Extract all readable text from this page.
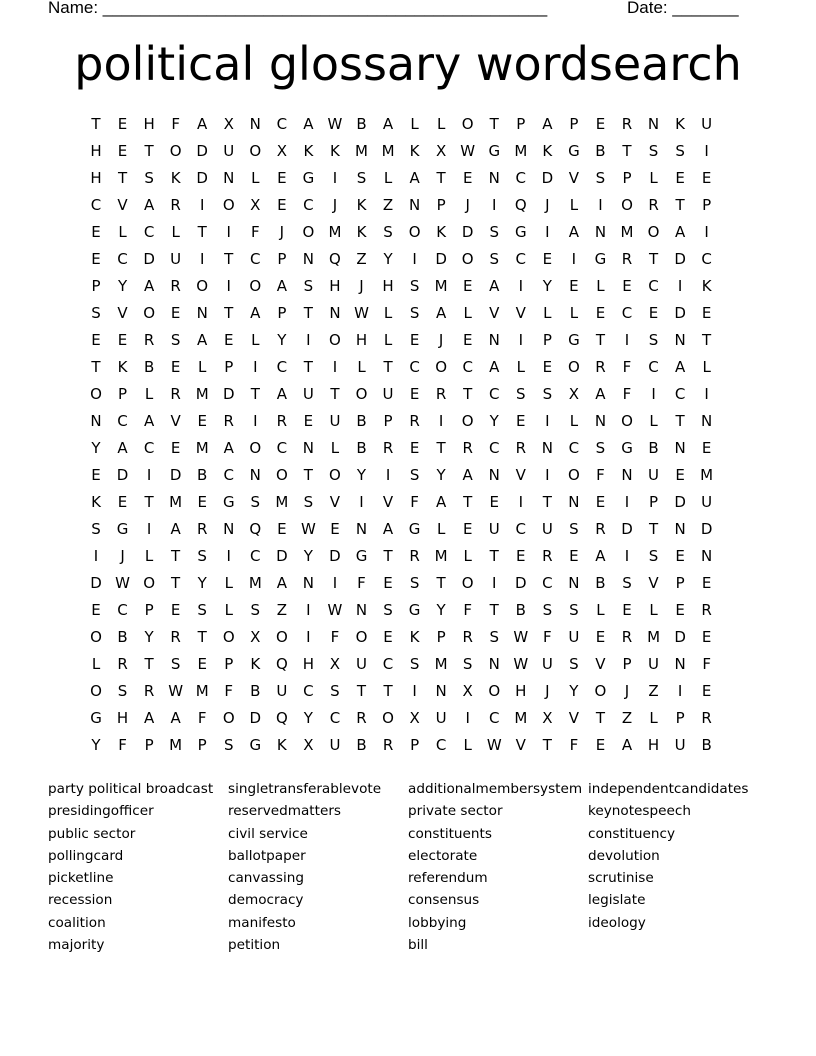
Name: _______________________________________________	Date: _______
political glossary wordsearch
T	E	H	F	A	X	N	C	A W B	A	L	L	O	T	P	A	P	E	R	N	K	U
H	E	T	O D	U	O	X	K	K	M M	K	X W G M	K	G	B	T	S	S	I
H	T	S	K	D	N	L	E	G	I	S	L	A	T	E	N	C	D	V	S	P	L	E	E
C	V	A	R	I	O	X	E	C	J	K	Z	N	P	J	I	Q	J	L	I	O	R	T	P
E	L	C	L	T	I	F	J	O M	K	S	O	K	D	S	G	I	A	N M O	A	I
E	C	D	U	I	T	C	P	N	Q	Z	Y	I	D O	S	C	E	I	G	R	T	D	C
P	Y	A	R	O	I	O	A	S	H	J	H	S	M	E	A	I	Y	E	L	E	C	I	K
S	V	O	E	N	T	A	P	T	N W L	S	A	L	V	V	L	L	E	C	E	D	E
E	E	R	S	A	E	L	Y	I	O	H	L	E	J	E	N	I	P	G	T	I	S	N	T
T	K	B	E	L	P	I	C	T	I	L	T	C	O	C	A	L	E	O	R	F	C	A	L
O	P	L	R M D	T	A	U	T	O	U	E	R	T	C	S	S	X	A	F	I	C	I
N	C	A	V	E	R	I	R	E	U	B	P	R	I	O	Y	E	I	L	N	O	L	T	N
Y	A	C	E	M A	O	C	N	L	B	R	E	T	R	C	R	N	C	S	G	B	N	E
E	D	I	D	B	C	N	O	T	O	Y	I	S	Y	A	N	V	I	O	F	N	U	E	M
K	E	T	M	E	G	S	M	S	V	I	V	F	A	T	E	I	T	N	E	I	P	D	U
S	G	I	A	R	N	Q	E W E	N	A	G	L	E	U	C	U	S	R	D	T	N	D
I	J	L	T	S	I	C	D	Y	D G	T	R M	L	T	E	R	E	A	I	S	E	N
D W O	T	Y	L	M A	N	I	F	E	S	T	O	I	D	C	N	B	S	V	P	E
E	C	P	E	S	L	S	Z	I	W N	S	G	Y	F	T	B	S	S	L	E	L	E	R
O	B	Y	R	T	O	X	O	I	F	O	E	K	P	R	S W F	U	E	R M D	E
L	R	T	S	E	P	K	Q	H	X	U	C	S	M	S	N W U	S	V	P	U	N	F
O	S	R W M	F	B	U	C	S	T	T	I	N	X	O	H	J	Y	O	J	Z	I	E
G	H	A	A	F	O D Q	Y	C	R	O	X	U	I	C M X	V	T	Z	L	P	R
Y	F	P	M	P	S	G	K	X	U	B	R	P	C	L W V	T	F	E	A	H	U	B
party political broadcast
presidingofficer
public sector
pollingcard
picketline
recession
coalition
majority
singletransferablevote
reservedmatters
civil service
ballotpaper
canvassing
democracy
manifesto
petition
additionalmembersystem
private sector
constituents
electorate
referendum
consensus
lobbying
bill
independentcandidates
keynotespeech
constituency
devolution
scrutinise
legislate
ideology
